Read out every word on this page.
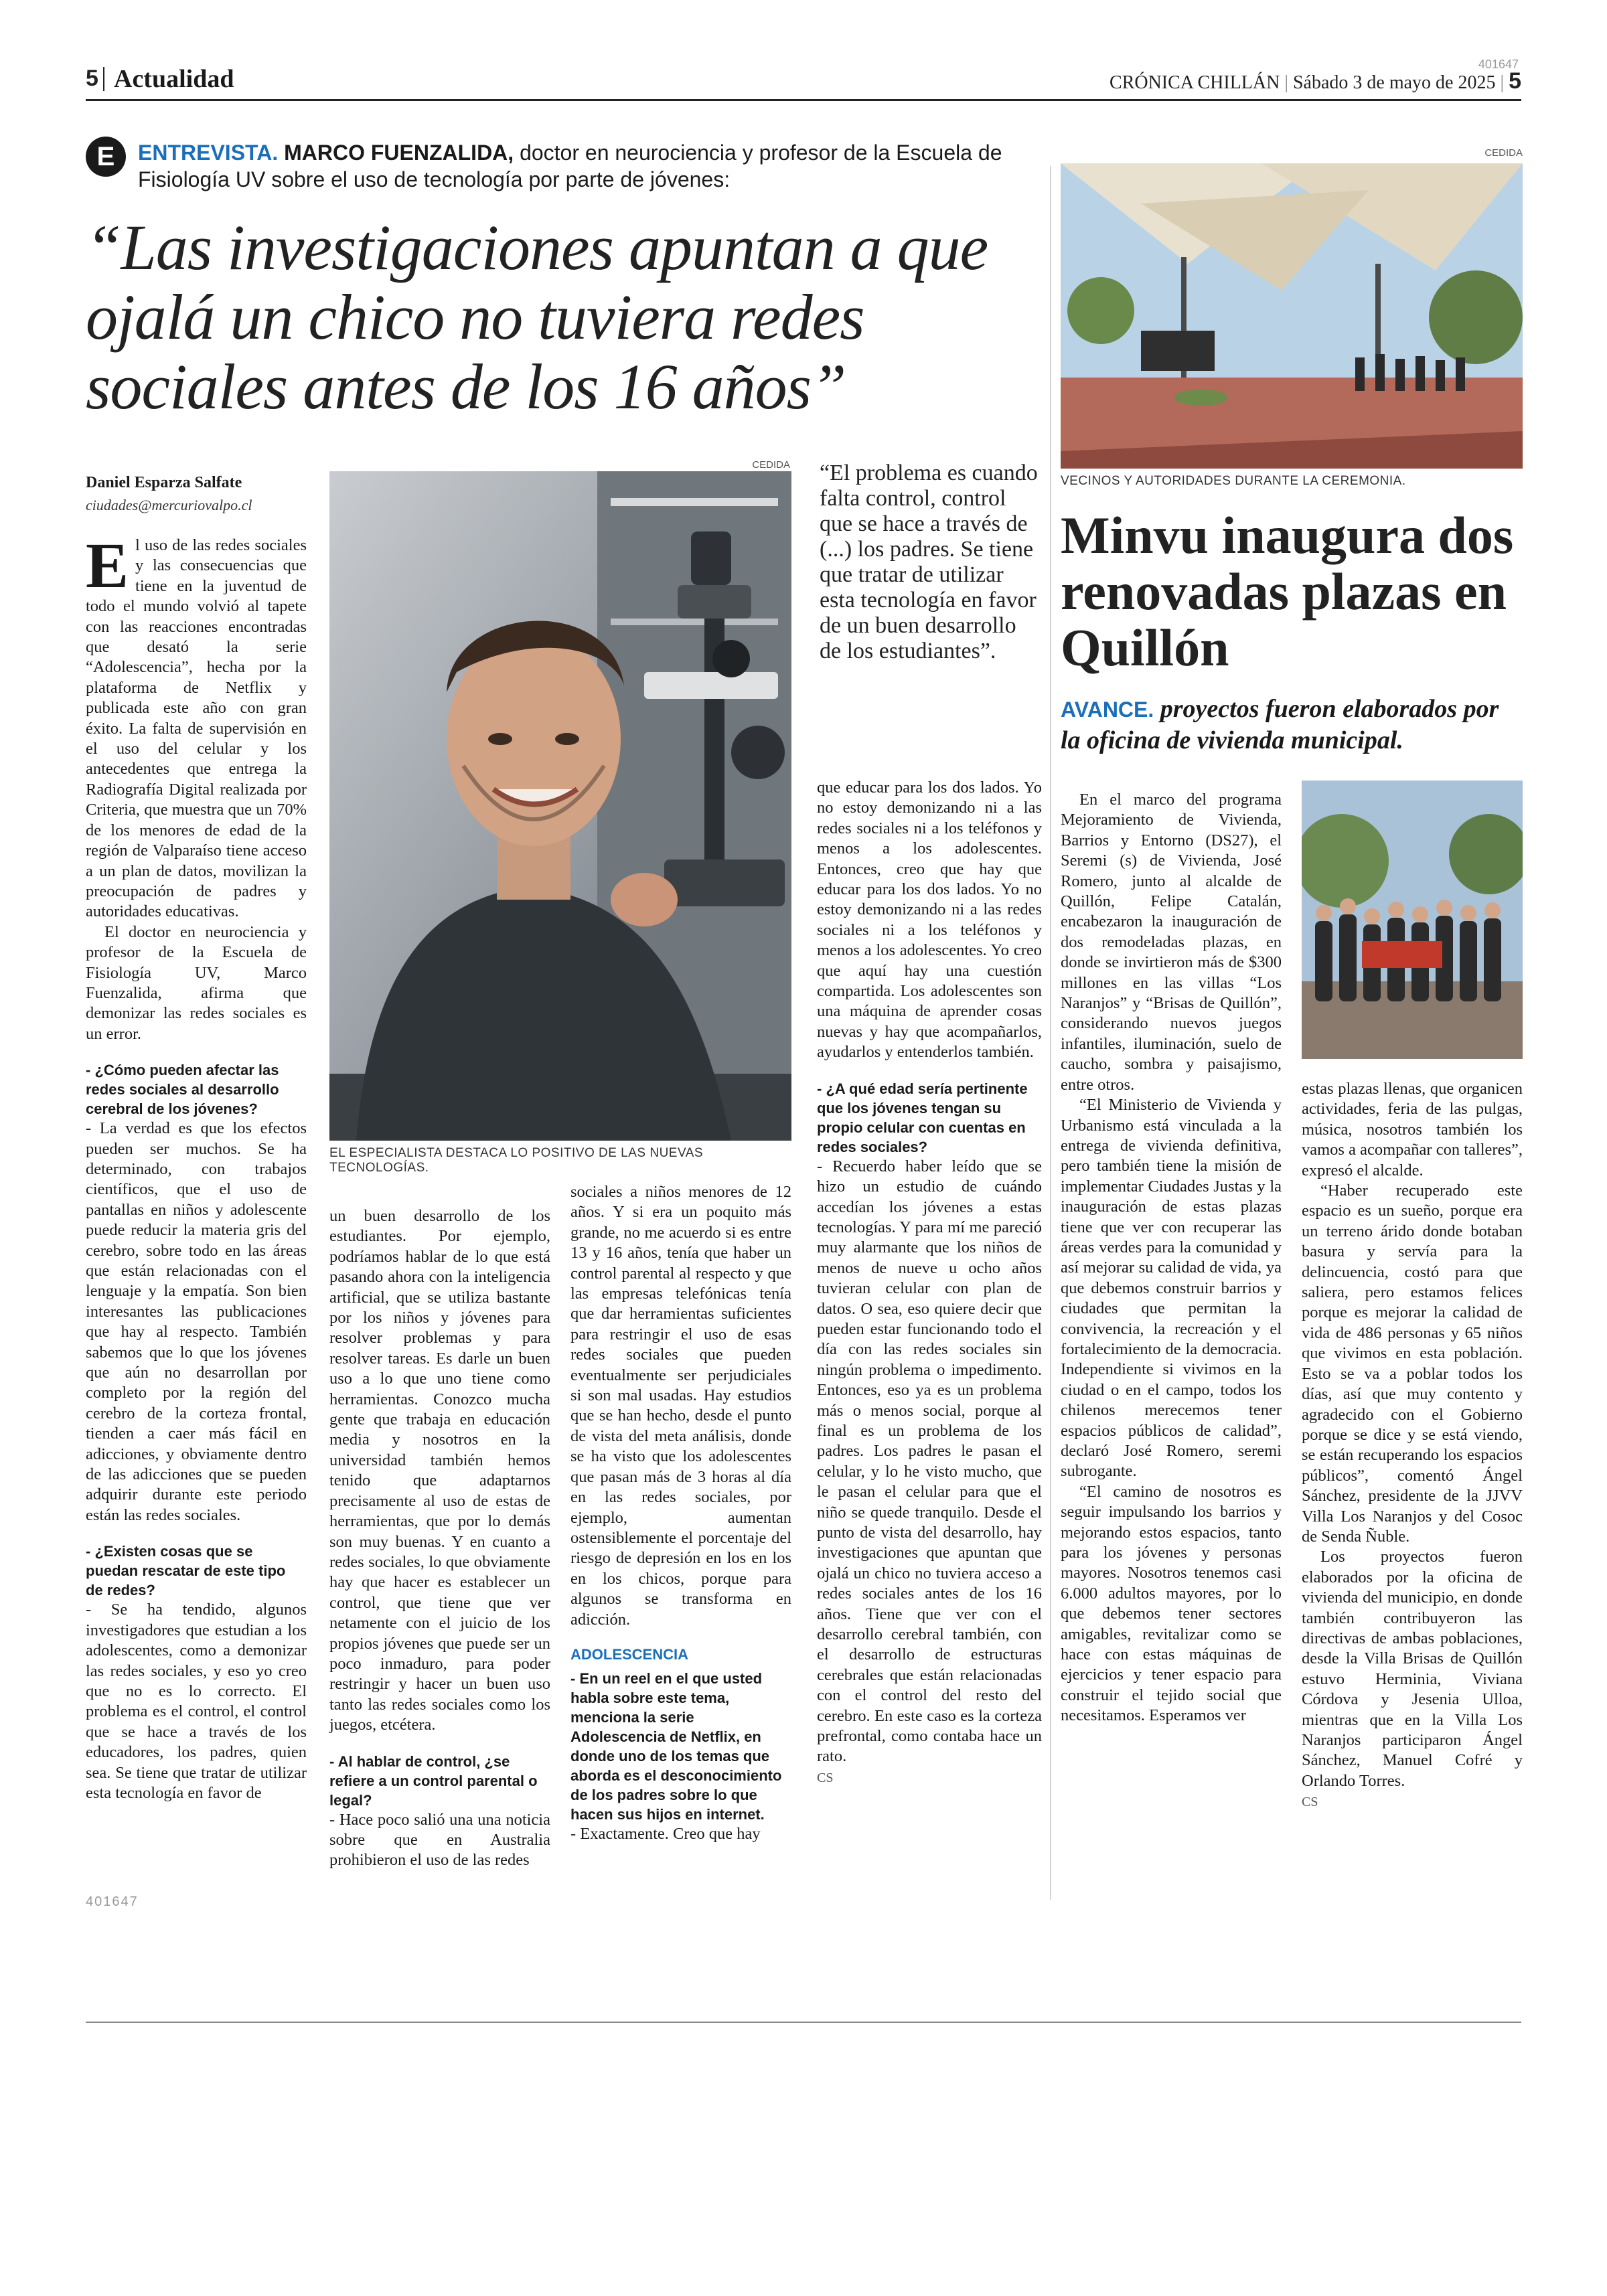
5 Actualidad
401647
CRÓNICA CHILLÁN | Sábado 3 de mayo de 2025 | 5
E	ENTREVISTA. MARCO FUENZALIDA, doctor en neurociencia y profesor de la Escuela de Fisiología UV sobre el uso de tecnología por parte de jóvenes:
“Las investigaciones apuntan a que ojalá un chico no tuviera redes sociales antes de los 16 años”
Daniel Esparza Salfate
ciudades@mercuriovalpo.cl
CEDIDA
EL ESPECIALISTA DESTACA LO POSITIVO DE LAS NUEVAS TECNOLOGÍAS.
“El problema es cuando falta control, control que se hace a través de (...) los padres. Se tiene que tratar de utilizar esta tecnología en favor de un buen desarrollo de los estudiantes”.
E l uso de las redes sociales y las consecuencias que tiene en la juventud de todo el mundo volvió al tapete con las reacciones encontradas que desató la serie “Adolescencia”, hecha por la plataforma de Netflix y publicada este año con gran éxito. La falta de supervisión en el uso del celular y los antecedentes que entrega la Radiografía Digital realizada por Criteria, que muestra que un 70% de los menores de edad de la región de Valparaíso tiene acceso a un plan de datos, movilizan la preocupación de padres y autoridades educativas.

El doctor en neurociencia y profesor de la Escuela de Fisiología UV, Marco Fuenzalida, afirma que demonizar las redes sociales es un error.

- ¿Cómo pueden afectar las redes sociales al desarrollo cerebral de los jóvenes?

- La verdad es que los efectos pueden ser muchos. Se ha determinado, con trabajos científicos, que el uso de pantallas en niños y adolescente puede reducir la materia gris del cerebro, sobre todo en las áreas que están relacionadas con el lenguaje y la empatía. Son bien interesantes las publicaciones que hay al respecto. También sabemos que lo que los jóvenes que aún no desarrollan por completo por la región del cerebro de la corteza frontal, tienden a caer más fácil en adicciones, y obviamente dentro de las adicciones que se pueden adquirir durante este periodo están las redes sociales.

- ¿Existen cosas que se puedan rescatar de este tipo de redes?

- Se ha tendido, algunos investigadores que estudian a los adolescentes, como a demonizar las redes sociales, y eso yo creo que no es lo correcto. El problema es el control, el control que se hace a través de los educadores, los padres, quien sea. Se tiene que tratar de utilizar esta tecnología en favor de

un buen desarrollo de los estudiantes. Por ejemplo, podríamos hablar de lo que está pasando ahora con la inteligencia artificial, que se utiliza bastante por los niños y jóvenes para resolver problemas y para resolver tareas. Es darle un buen uso a lo que uno tiene como herramientas. Conozco mucha gente que trabaja en educación media y nosotros en la universidad también hemos tenido que adaptarnos precisamente al uso de estas de herramientas, que por lo demás son muy buenas. Y en cuanto a redes sociales, lo que obviamente hay que hacer es establecer un control, que tiene que ver netamente con el juicio de los propios jóvenes que puede ser un poco inmaduro, para poder restringir y hacer un buen uso tanto las redes sociales como los juegos, etcétera.

- Al hablar de control, ¿se refiere a un control parental o legal?

- Hace poco salió una una noticia sobre que en Australia prohibieron el uso de las redes

sociales a niños menores de 12 años. Y si era un poquito más grande, no me acuerdo si es entre 13 y 16 años, tenía que haber un control parental al respecto y que las empresas telefónicas tenía que dar herramientas suficientes para restringir el uso de esas redes sociales que pueden eventualmente ser perjudiciales si son mal usadas. Hay estudios que se han hecho, desde el punto de vista del meta análisis, donde se ha visto que los adolescentes que pasan más de 3 horas al día en las redes sociales, por ejemplo, aumentan ostensiblemente el porcentaje del riesgo de depresión en los en los en los chicos, porque para algunos se transforma en adicción.

ADOLESCENCIA

- En un reel en el que usted habla sobre este tema, menciona la serie Adolescencia de Netflix, en donde uno de los temas que aborda es el desconocimiento de los padres sobre lo que hacen sus hijos en internet.

- Exactamente. Creo que hay

que educar para los dos lados. Yo no estoy demonizando ni a las redes sociales ni a los teléfonos y menos a los adolescentes. Entonces, creo que hay que educar para los dos lados. Yo no estoy demonizando ni a las redes sociales ni a los teléfonos y menos a los adolescentes. Yo creo que aquí hay una cuestión compartida. Los adolescentes son una máquina de aprender cosas nuevas y hay que acompañarlos, ayudarlos y entenderlos también.

- ¿A qué edad sería pertinente que los jóvenes tengan su propio celular con cuentas en redes sociales?

- Recuerdo haber leído que se hizo un estudio de cuándo accedían los jóvenes a estas tecnologías. Y para mí me pareció muy alarmante que los niños de menos de nueve u ocho años tuvieran celular con plan de datos. O sea, eso quiere decir que pueden estar funcionando todo el día con las redes sociales sin ningún problema o impedimento. Entonces, eso ya es un problema más o menos social, porque al final es un problema de los padres. Los padres le pasan el celular, y lo he visto mucho, que le pasan el celular para que el niño se quede tranquilo. Desde el punto de vista del desarrollo, hay investigaciones que apuntan que ojalá un chico no tuviera acceso a redes sociales antes de los 16 años. Tiene que ver con el desarrollo cerebral también, con el desarrollo de estructuras cerebrales que están relacionadas con el control del resto del cerebro. En este caso es la corteza prefrontal, como contaba hace un rato.

CS
CEDIDA
VECINOS Y AUTORIDADES DURANTE LA CEREMONIA.
Minvu inaugura dos renovadas plazas en Quillón
AVANCE. proyectos fueron elaborados por la oficina de vivienda municipal.

En el marco del programa Mejoramiento de Vivienda, Barrios y Entorno (DS27), el Seremi (s) de Vivienda, José Romero, junto al alcalde de Quillón, Felipe Catalán, encabezaron la inauguración de dos remodeladas plazas, en donde se invirtieron más de $300 millones en las villas “Los Naranjos” y “Brisas de Quillón”, considerando nuevos juegos infantiles, iluminación, suelo de caucho, sombra y paisajismo, entre otros.

“El Ministerio de Vivienda y Urbanismo está vinculada a la entrega de vivienda definitiva, pero también tiene la misión de implementar Ciudades Justas y la inauguración de estas plazas tiene que ver con recuperar las áreas verdes para la comunidad y así mejorar su calidad de vida, ya que debemos construir barrios y ciudades que permitan la convivencia, la recreación y el fortalecimiento de la democracia. Independiente si vivimos en la ciudad o en el campo, todos los chilenos merecemos tener espacios públicos de calidad”, declaró José Romero, seremi subrogante.

“El camino de nosotros es seguir impulsando los barrios y mejorando estos espacios, tanto para los jóvenes y personas mayores. Nosotros tenemos casi 6.000 adultos mayores, por lo que debemos tener sectores amigables, revitalizar como se hace con estas máquinas de ejercicios y tener espacio para construir el tejido social que necesitamos. Esperamos ver

estas plazas llenas, que organicen actividades, feria de las pulgas, música, nosotros también los vamos a acompañar con talleres”, expresó el alcalde.

“Haber recuperado este espacio es un sueño, porque era un terreno árido donde botaban basura y servía para la delincuencia, costó para que saliera, pero estamos felices porque es mejorar la calidad de vida de 486 personas y 65 niños que vivimos en esta población. Esto se va a poblar todos los días, así que muy contento y agradecido con el Gobierno porque se dice y se está viendo, se están recuperando los espacios públicos”, comentó Ángel Sánchez, presidente de la JJVV Villa Los Naranjos y del Cosoc de Senda Ñuble.

Los proyectos fueron elaborados por la oficina de vivienda del municipio, en donde también contribuyeron las directivas de ambas poblaciones, desde la Villa Brisas de Quillón estuvo Herminia, Viviana Córdova y Jesenia Ulloa, mientras que en la Villa Los Naranjos participaron Ángel Sánchez, Manuel Cofré y Orlando Torres.

CS
401647
